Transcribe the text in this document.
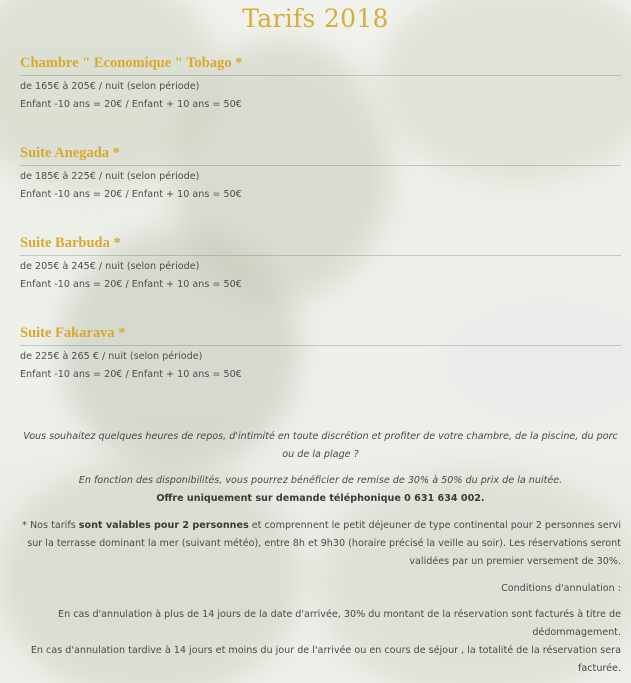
Tarifs 2018
Chambre " Economique " Tobago *
de 165€ à 205€ / nuit (selon période)
Enfant -10 ans = 20€ / Enfant + 10 ans = 50€
Suite Anegada *
de 185€ à 225€ / nuit (selon période)
Enfant -10 ans = 20€ / Enfant + 10 ans = 50€
Suite Barbuda *
de 205€ à 245€ / nuit (selon période)
Enfant -10 ans = 20€ / Enfant + 10 ans = 50€
Suite Fakarava *
de 225€ à 265 € / nuit (selon période)
Enfant -10 ans = 20€ / Enfant + 10 ans = 50€
Vous souhaitez quelques heures de repos, d'intimité en toute discrétion et profiter de votre chambre, de la piscine, du porc ou de la plage ?
En fonction des disponibilités, vous pourrez bénéficier de remise de 30% à 50% du prix de la nuitée.
Offre uniquement sur demande téléphonique 0 631 634 002.
* Nos tarifs sont valables pour 2 personnes et comprennent le petit déjeuner de type continental pour 2 personnes servi sur la terrasse dominant la mer (suivant météo), entre 8h et 9h30 (horaire précisé la veille au soir). Les réservations seront validées par un premier versement de 30%.
Conditions d'annulation :
En cas d'annulation à plus de 14 jours de la date d'arrivée, 30% du montant de la réservation sont facturés à titre de dédommagement.
En cas d'annulation tardive à 14 jours et moins du jour de l'arrivée ou en cours de séjour , la totalité de la réservation sera facturée.
